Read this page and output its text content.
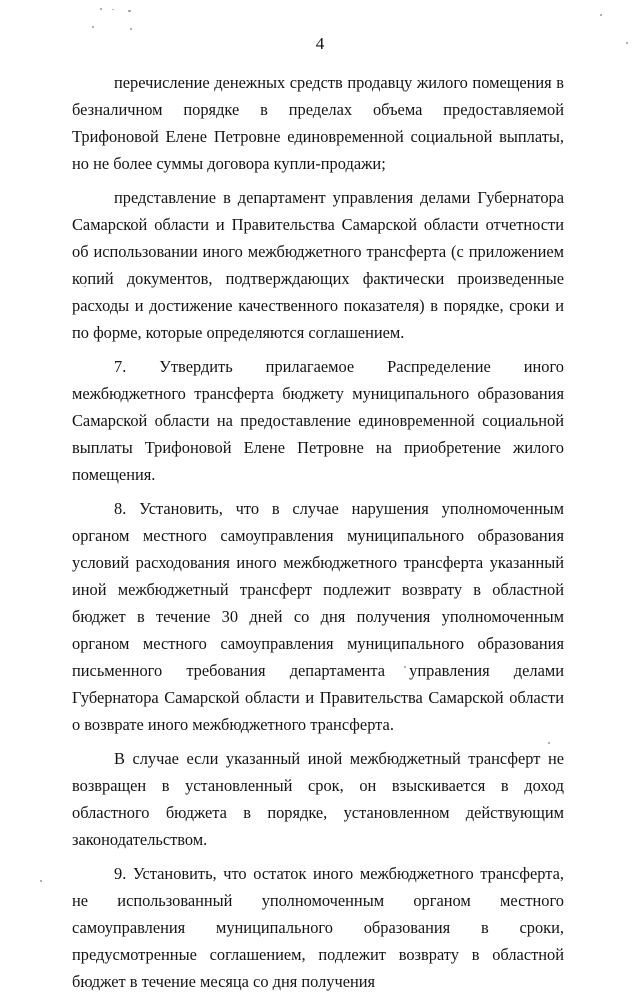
4

перечисление денежных средств продавцу жилого помещения в безналичном порядке в пределах объема предоставляемой Трифоновой Елене Петровне единовременной социальной выплаты, но не более суммы договора купли-продажи;

представление в департамент управления делами Губернатора Самарской области и Правительства Самарской области отчетности об использовании иного межбюджетного трансферта (с приложением копий документов, подтверждающих фактически произведенные расходы и достижение качественного показателя) в порядке, сроки и по форме, которые определяются соглашением.

7. Утвердить прилагаемое Распределение иного межбюджетного трансферта бюджету муниципального образования Самарской области на предоставление единовременной социальной выплаты Трифоновой Елене Петровне на приобретение жилого помещения.

8. Установить, что в случае нарушения уполномоченным органом местного самоуправления муниципального образования условий расходования иного межбюджетного трансферта указанный иной межбюджетный трансферт подлежит возврату в областной бюджет в течение 30 дней со дня получения уполномоченным органом местного самоуправления муниципального образования письменного требования департамента управления делами Губернатора Самарской области и Правительства Самарской области о возврате иного межбюджетного трансферта.

В случае если указанный иной межбюджетный трансферт не возвращен в установленный срок, он взыскивается в доход областного бюджета в порядке, установленном действующим законодательством.

9. Установить, что остаток иного межбюджетного трансферта, не использованный уполномоченным органом местного самоуправления муниципального образования в сроки, предусмотренные соглашением, подлежит возврату в областной бюджет в течение месяца со дня получения
